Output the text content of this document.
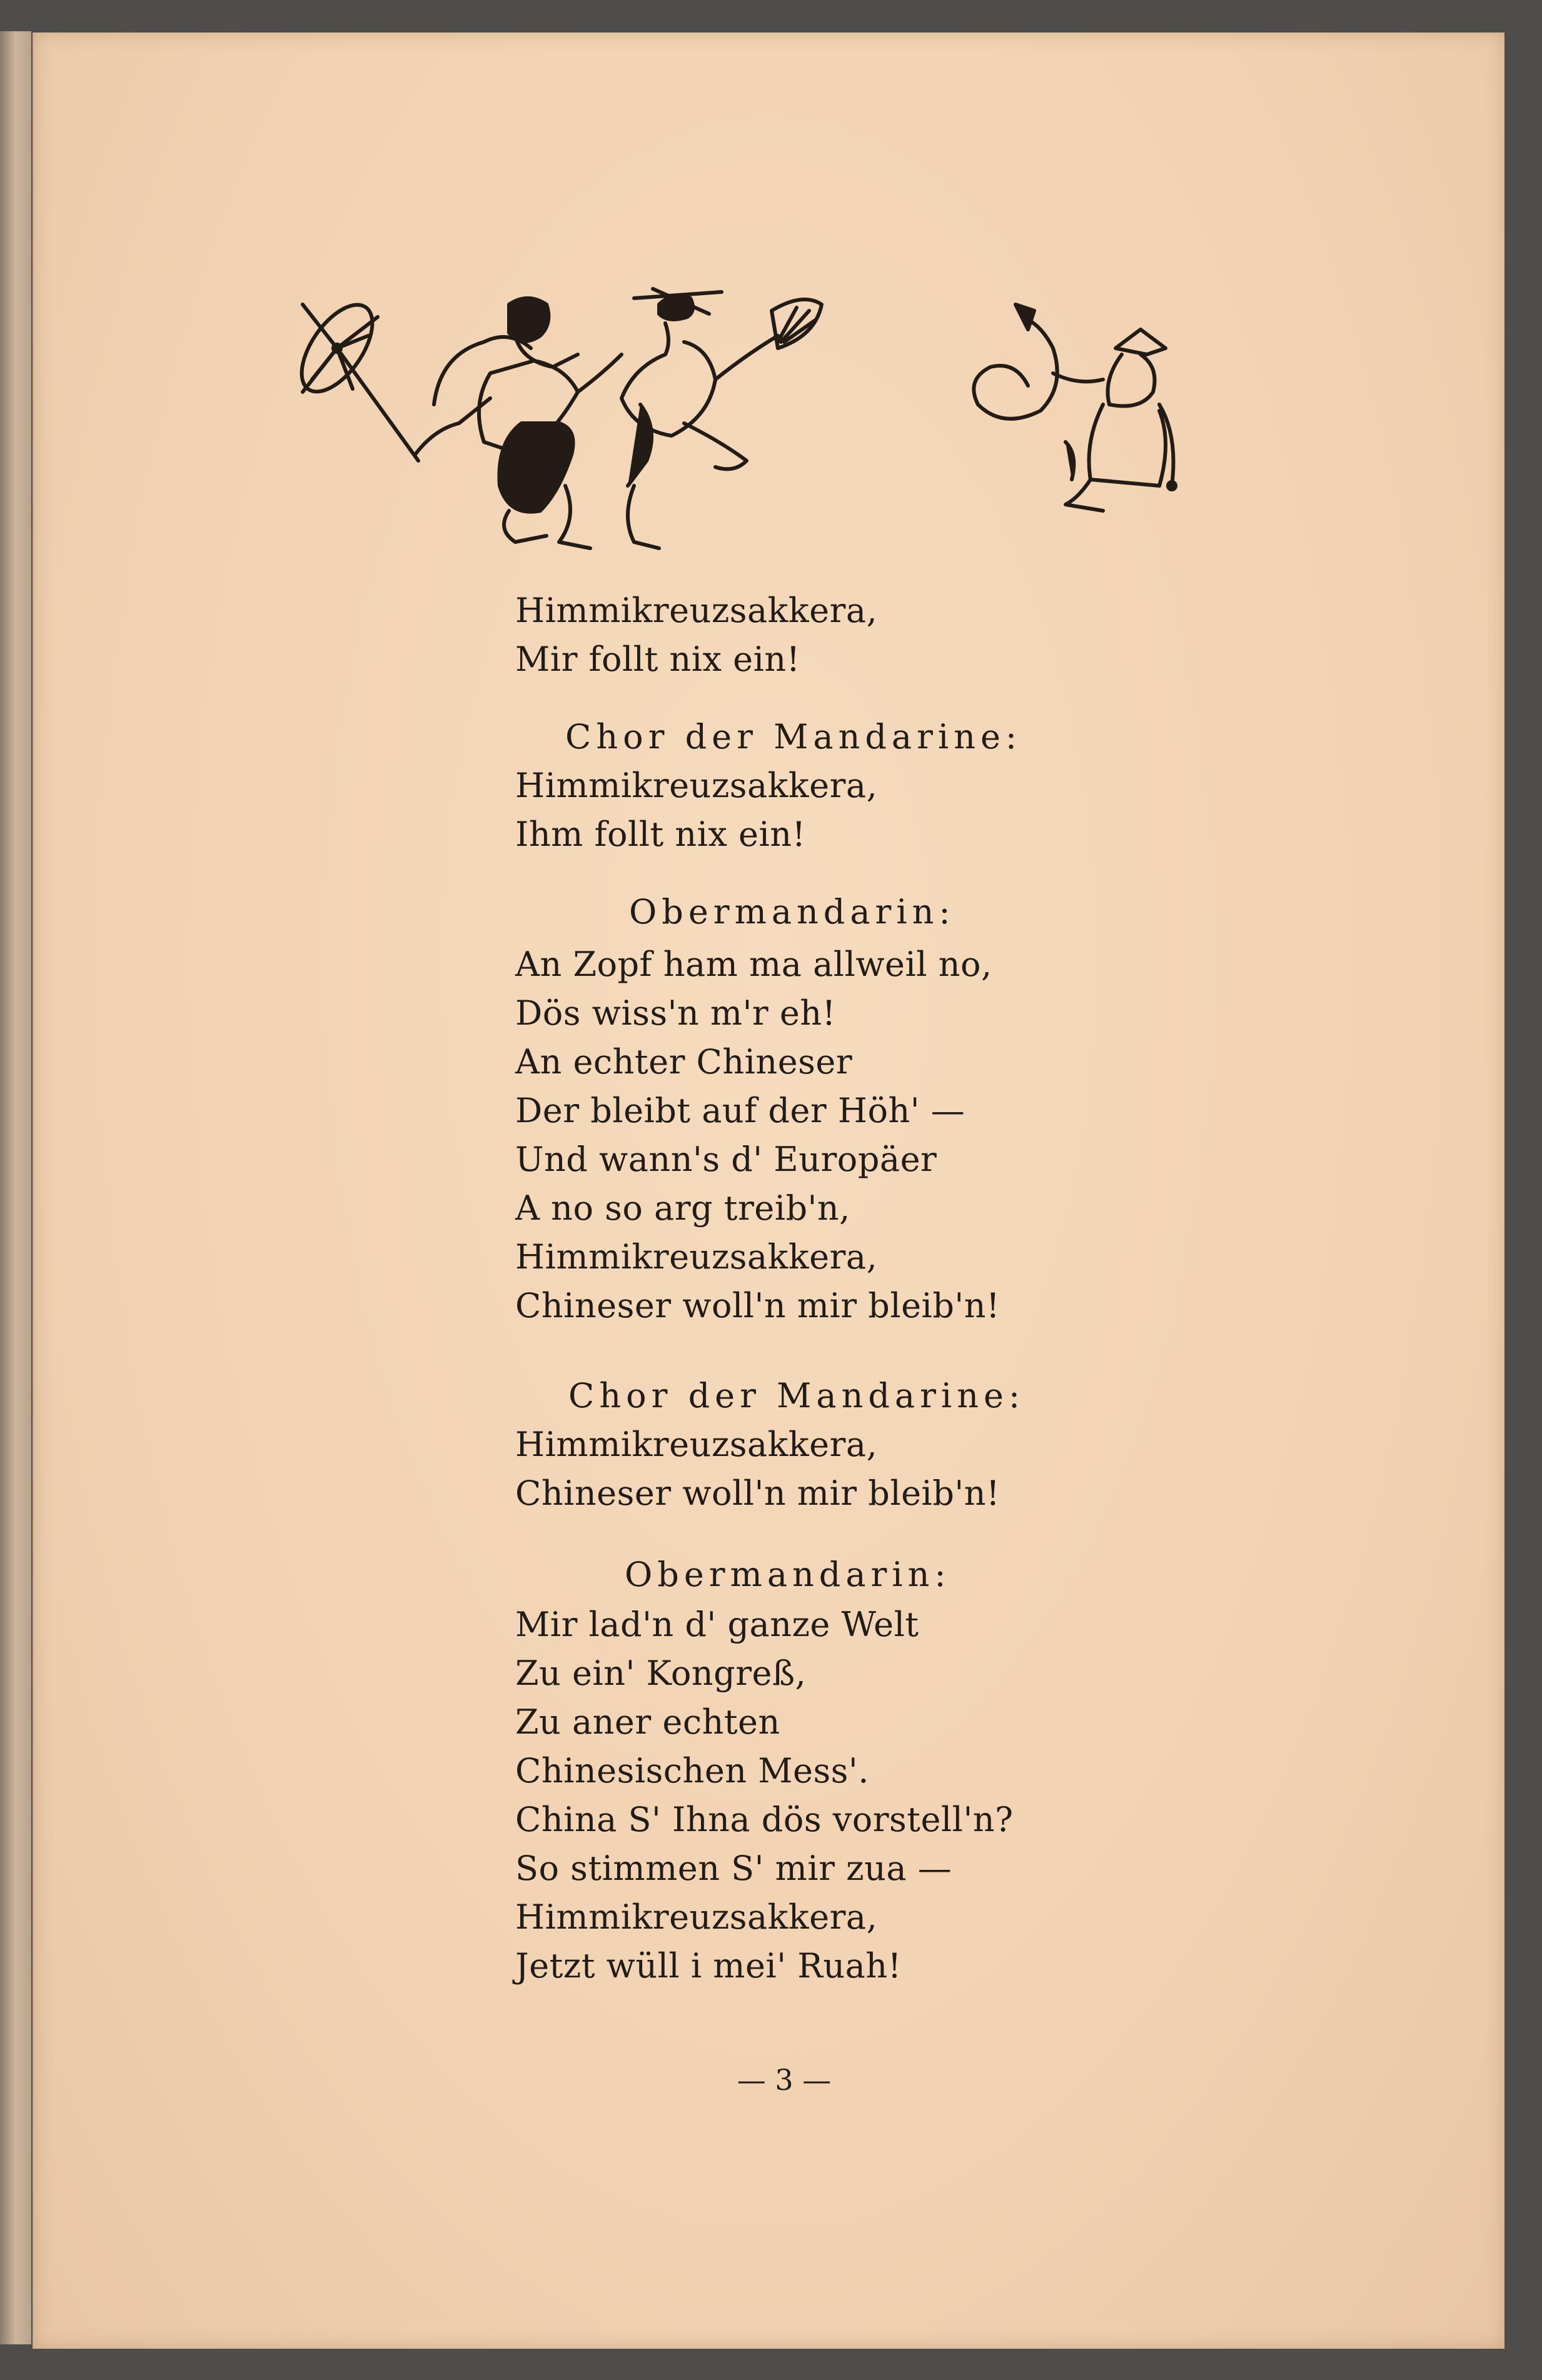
Himmikreuzsakkera,
Mir follt nix ein!
Chor der Mandarine:
Himmikreuzsakkera,
Ihm follt nix ein!
Obermandarin:
An Zopf ham ma allweil no,
Dös wiss'n m'r eh!
An echter Chineser
Der bleibt auf der Höh' —
Und wann's d' Europäer
A no so arg treib'n,
Himmikreuzsakkera,
Chineser woll'n mir bleib'n!
Chor der Mandarine:
Himmikreuzsakkera,
Chineser woll'n mir bleib'n!
Obermandarin:
Mir lad'n d' ganze Welt
Zu ein' Kongreß,
Zu aner echten
Chinesischen Mess'.
China S' Ihna dös vorstell'n?
So stimmen S' mir zua —
Himmikreuzsakkera,
Jetzt wüll i mei' Ruah!
— 3 —
